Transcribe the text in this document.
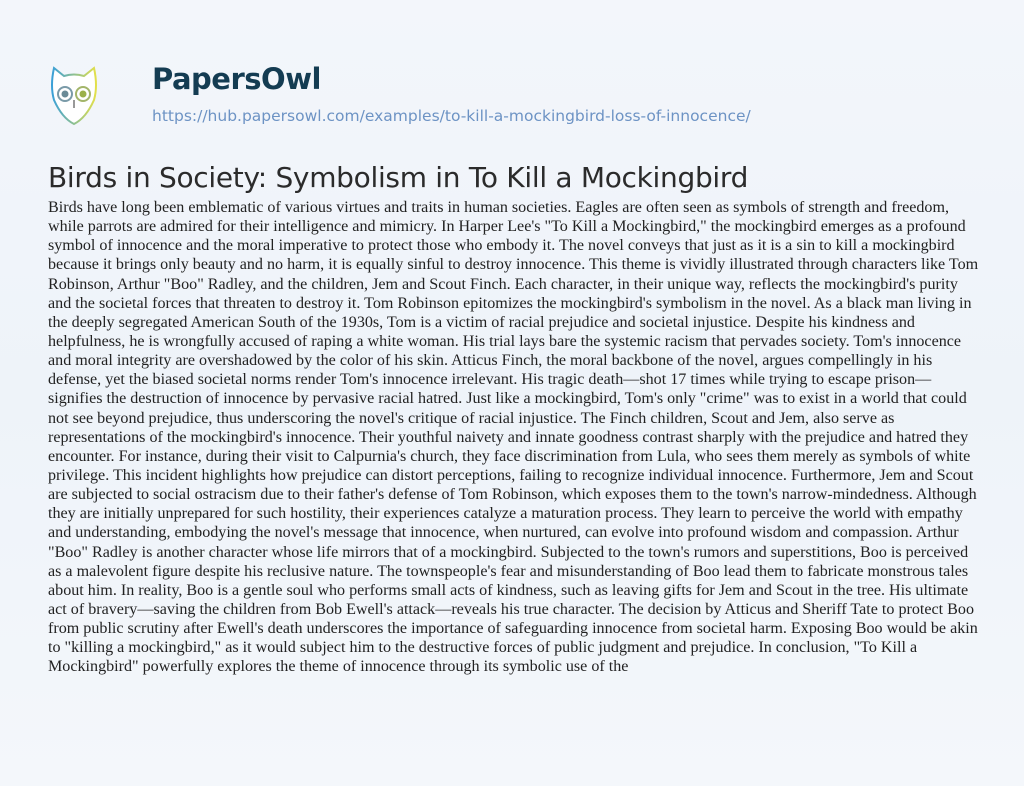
PapersOwl
https://hub.papersowl.com/examples/to-kill-a-mockingbird-loss-of-innocence/
Birds in Society: Symbolism in To Kill a Mockingbird
Birds have long been emblematic of various virtues and traits in human societies. Eagles are often seen as symbols of strength and freedom,
while parrots are admired for their intelligence and mimicry. In Harper Lee's "To Kill a Mockingbird," the mockingbird emerges as a profound
symbol of innocence and the moral imperative to protect those who embody it. The novel conveys that just as it is a sin to kill a mockingbird
because it brings only beauty and no harm, it is equally sinful to destroy innocence. This theme is vividly illustrated through characters like Tom
Robinson, Arthur "Boo" Radley, and the children, Jem and Scout Finch. Each character, in their unique way, reflects the mockingbird's purity
and the societal forces that threaten to destroy it. Tom Robinson epitomizes the mockingbird's symbolism in the novel. As a black man living in
the deeply segregated American South of the 1930s, Tom is a victim of racial prejudice and societal injustice. Despite his kindness and
helpfulness, he is wrongfully accused of raping a white woman. His trial lays bare the systemic racism that pervades society. Tom's innocence
and moral integrity are overshadowed by the color of his skin. Atticus Finch, the moral backbone of the novel, argues compellingly in his
defense, yet the biased societal norms render Tom's innocence irrelevant. His tragic death—shot 17 times while trying to escape prison—
signifies the destruction of innocence by pervasive racial hatred. Just like a mockingbird, Tom's only "crime" was to exist in a world that could
not see beyond prejudice, thus underscoring the novel's critique of racial injustice. The Finch children, Scout and Jem, also serve as
representations of the mockingbird's innocence. Their youthful naivety and innate goodness contrast sharply with the prejudice and hatred they
encounter. For instance, during their visit to Calpurnia's church, they face discrimination from Lula, who sees them merely as symbols of white
privilege. This incident highlights how prejudice can distort perceptions, failing to recognize individual innocence. Furthermore, Jem and Scout
are subjected to social ostracism due to their father's defense of Tom Robinson, which exposes them to the town's narrow-mindedness. Although
they are initially unprepared for such hostility, their experiences catalyze a maturation process. They learn to perceive the world with empathy
and understanding, embodying the novel's message that innocence, when nurtured, can evolve into profound wisdom and compassion. Arthur
"Boo" Radley is another character whose life mirrors that of a mockingbird. Subjected to the town's rumors and superstitions, Boo is perceived
as a malevolent figure despite his reclusive nature. The townspeople's fear and misunderstanding of Boo lead them to fabricate monstrous tales
about him. In reality, Boo is a gentle soul who performs small acts of kindness, such as leaving gifts for Jem and Scout in the tree. His ultimate
act of bravery—saving the children from Bob Ewell's attack—reveals his true character. The decision by Atticus and Sheriff Tate to protect Boo
from public scrutiny after Ewell's death underscores the importance of safeguarding innocence from societal harm. Exposing Boo would be akin
to "killing a mockingbird," as it would subject him to the destructive forces of public judgment and prejudice. In conclusion, "To Kill a
Mockingbird" powerfully explores the theme of innocence through its symbolic use of the
